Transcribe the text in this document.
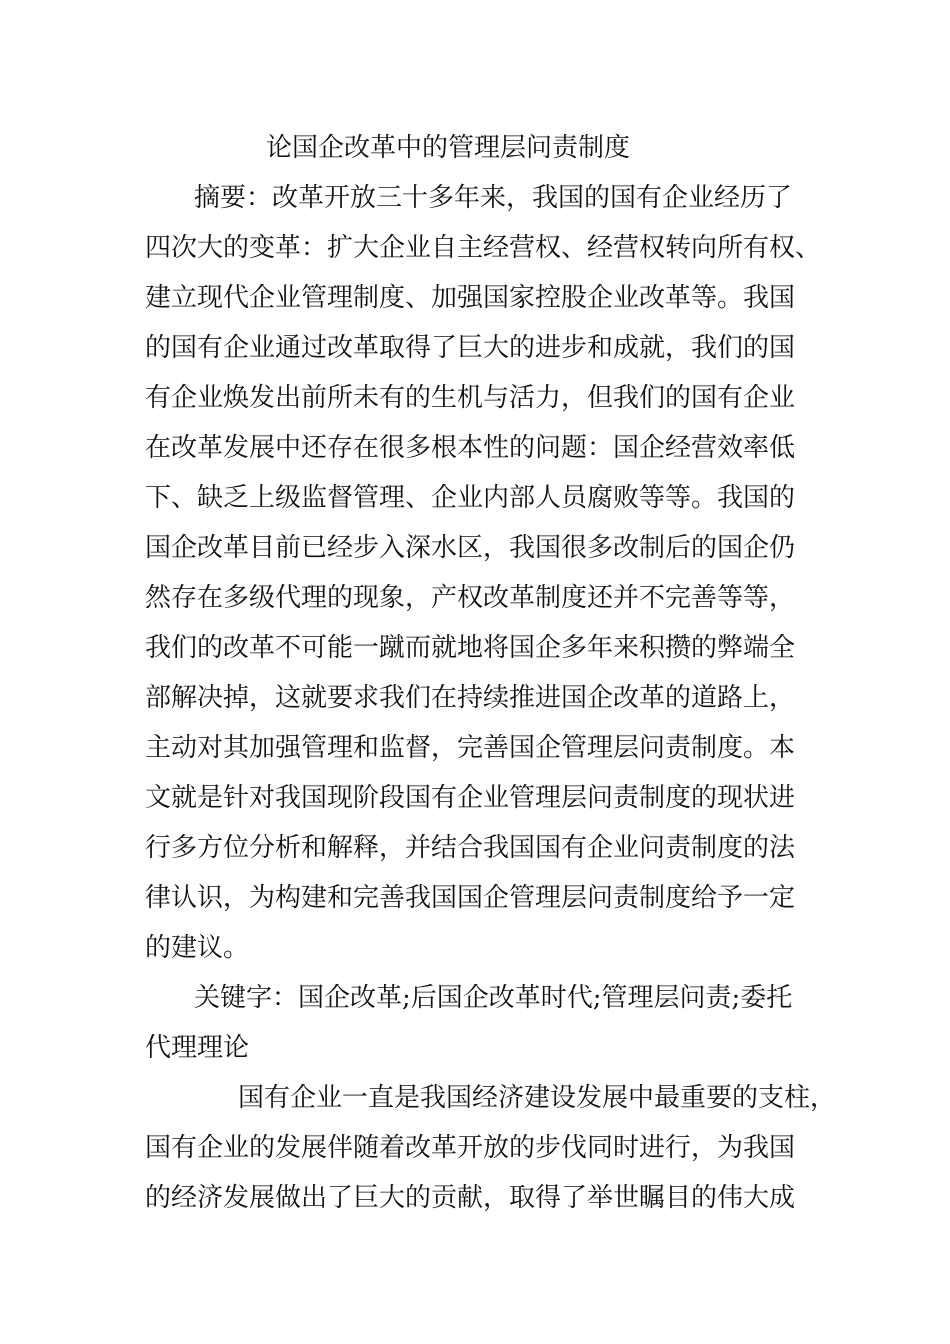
论国企改革中的管理层问责制度
摘要：改革开放三十多年来，我国的国有企业经历了
四次大的变革：扩大企业自主经营权、经营权转向所有权、
建立现代企业管理制度、加强国家控股企业改革等。我国
的国有企业通过改革取得了巨大的进步和成就，我们的国
有企业焕发出前所未有的生机与活力，但我们的国有企业
在改革发展中还存在很多根本性的问题：国企经营效率低
下、缺乏上级监督管理、企业内部人员腐败等等。我国的
国企改革目前已经步入深水区，我国很多改制后的国企仍
然存在多级代理的现象，产权改革制度还并不完善等等，
我们的改革不可能一蹴而就地将国企多年来积攒的弊端全
部解决掉，这就要求我们在持续推进国企改革的道路上，
主动对其加强管理和监督，完善国企管理层问责制度。本
文就是针对我国现阶段国有企业管理层问责制度的现状进
行多方位分析和解释，并结合我国国有企业问责制度的法
律认识，为构建和完善我国国企管理层问责制度给予一定
的建议。
关键字：国企改革;后国企改革时代;管理层问责;委托
代理理论
国有企业一直是我国经济建设发展中最重要的支柱，
国有企业的发展伴随着改革开放的步伐同时进行，为我国
的经济发展做出了巨大的贡献，取得了举世瞩目的伟大成
